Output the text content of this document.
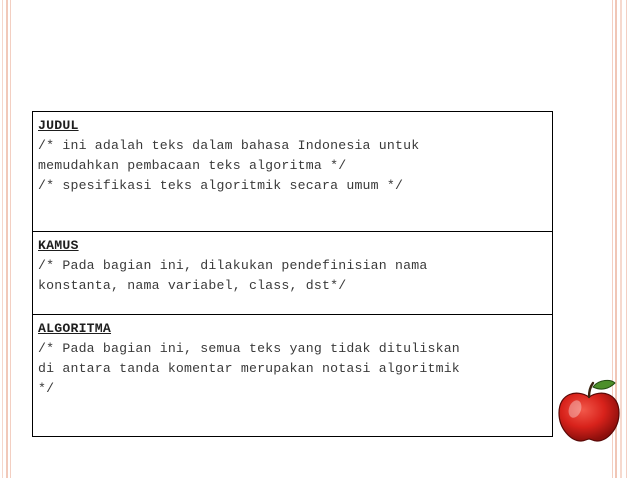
JUDUL
/* ini adalah teks dalam bahasa Indonesia untuk
memudahkan pembacaan teks algoritma */
/* spesifikasi teks algoritmik secara umum */
KAMUS
/* Pada bagian ini, dilakukan pendefinisian nama
konstanta, nama variabel, class, dst*/
ALGORITMA
/* Pada bagian ini, semua teks yang tidak dituliskan
di antara tanda komentar merupakan notasi algoritmik
*/
